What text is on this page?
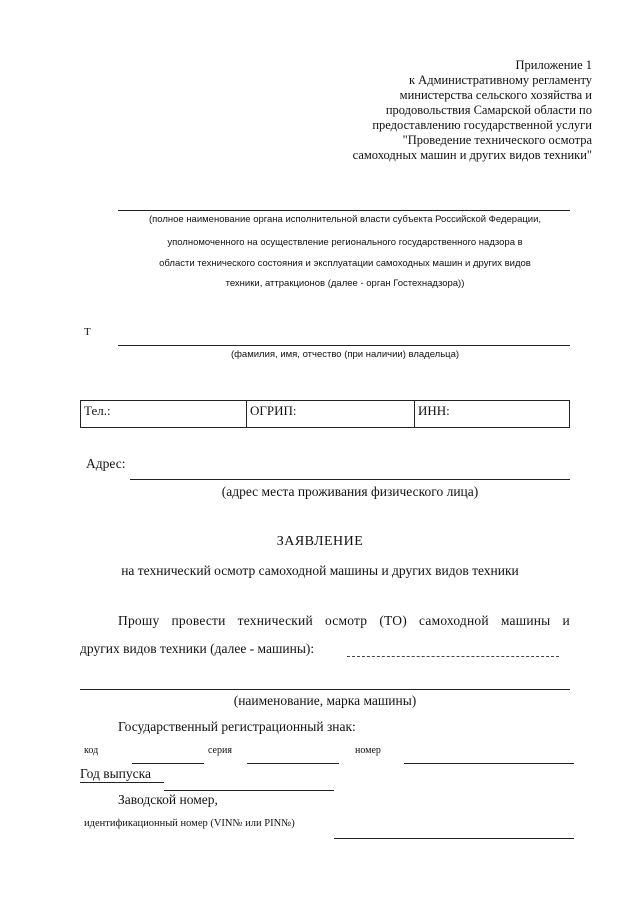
Приложение 1
к Административному регламенту
министерства сельского хозяйства и
продовольствия Самарской области по
предоставлению государственной услуги
"Проведение технического осмотра
самоходных машин и других видов техники"
(полное наименование органа исполнительной власти субъекта Российской Федерации,
уполномоченного на осуществление регионального государственного надзора в
области технического состояния и эксплуатации самоходных машин и других видов
техники, аттракционов (далее - орган Гостехнадзора))
Т
(фамилия, имя, отчество (при наличии) владельца)
Тел.:	ОГРИП:	ИНН:
Адрес:
(адрес места проживания физического лица)
ЗАЯВЛЕНИЕ
на технический осмотр самоходной машины и других видов техники
Прошу провести технический осмотр (ТО) самоходной машины и
других видов техники (далее - машины):
(наименование, марка машины)
Государственный регистрационный знак:
код	серия	номер
Год выпуска
Заводской номер,
идентификационный номер (VIN№ или PIN№)
